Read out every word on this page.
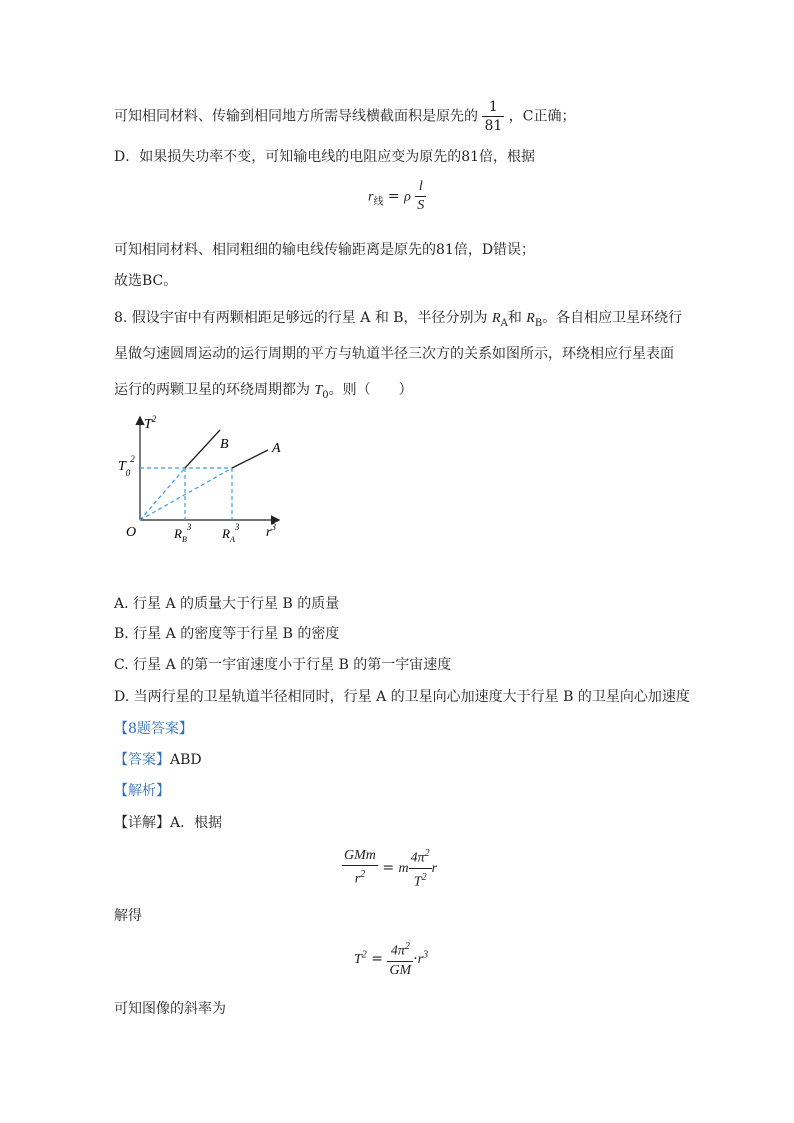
可知相同材料、传输到相同地方所需导线横截面积是原先的 $\frac{1}{81}$ ，C正确；
D．如果损失功率不变，可知输电线的电阻应变为原先的81倍，根据
$r_线 = \rho \frac{l}{S}$
可知相同材料、相同粗细的输电线传输距离是原先的81倍，D错误；
故选BC。
8. 假设宇宙中有两颗相距足够远的行星 A 和 B，半径分别为 $R_A$和 $R_B$。各自相应卫星环绕行
星做匀速圆周运动的运行周期的平方与轨道半径三次方的关系如图所示，环绕相应行星表面
运行的两颗卫星的环绕周期都为 $T_0$。则（　　）
$T^2$
$r^3$
O
$T_0^2$
$R_B^3$ $R_A^3$
B	A
A. 行星 A 的质量大于行星 B 的质量
B. 行星 A 的密度等于行星 B 的密度
C. 行星 A 的第一宇宙速度小于行星 B 的第一宇宙速度
D. 当两行星的卫星轨道半径相同时，行星 A 的卫星向心加速度大于行星 B 的卫星向心加速度
【8题答案】
【答案】ABD
【解析】
【详解】A．根据
$\frac{\text{GMm}}{r^2} = m \frac{4\pi^2}{T^2}$ r
解得
$T^2 = \frac{4\pi^2}{GM} \cdot r^3$
可知图像的斜率为
